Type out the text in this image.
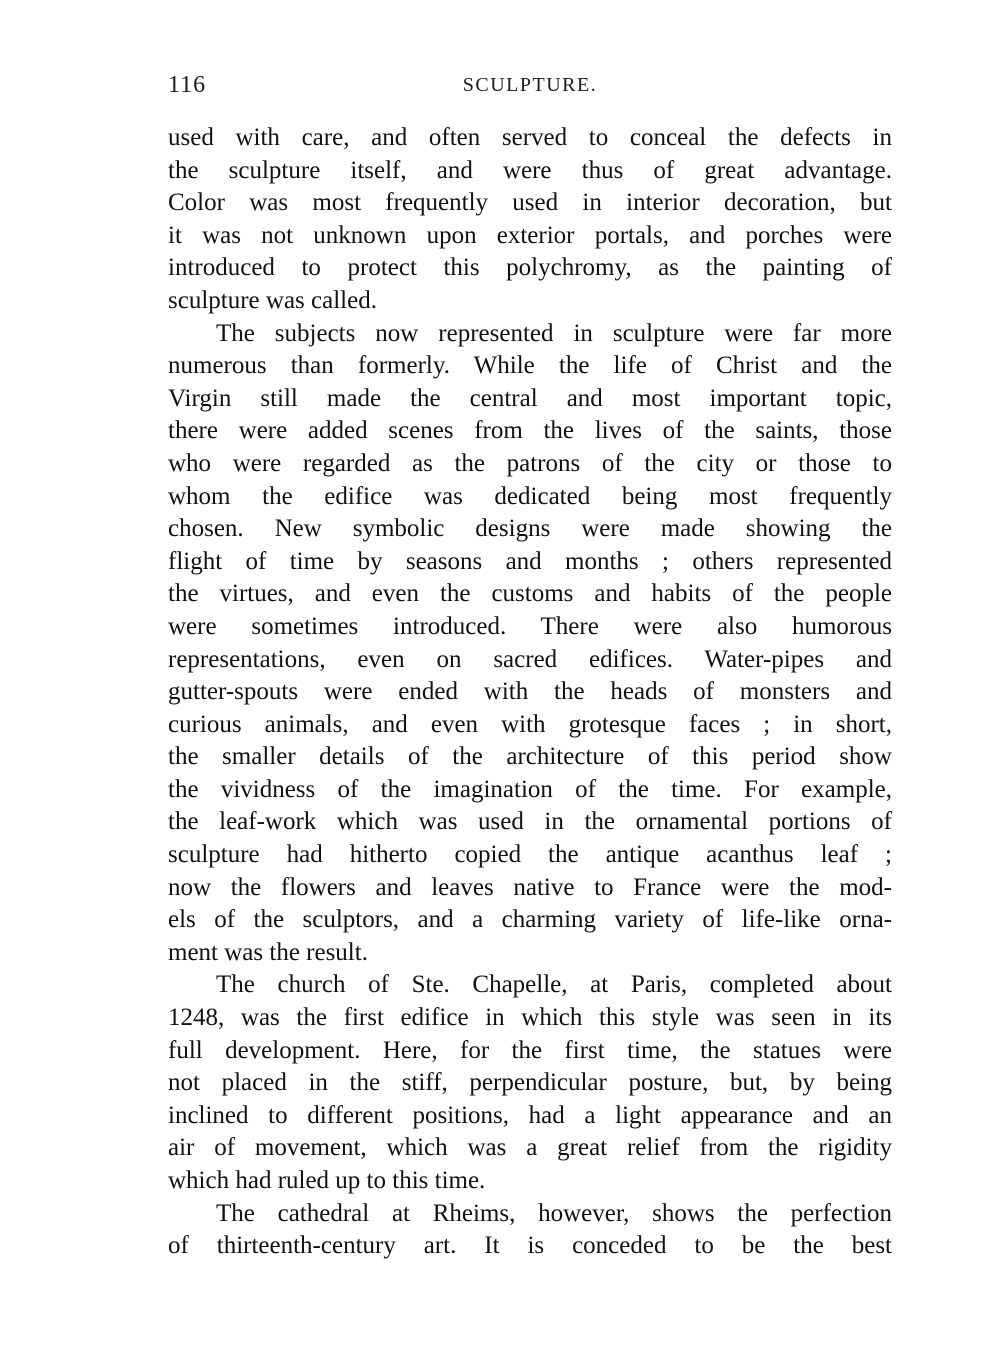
116	SCULPTURE.
used with care, and often served to conceal the defects in
the sculpture itself, and were thus of great advantage.
Color was most frequently used in interior decoration, but
it was not unknown upon exterior portals, and porches were
introduced to protect this polychromy, as the painting of
sculpture was called.
The subjects now represented in sculpture were far more
numerous than formerly. While the life of Christ and the
Virgin still made the central and most important topic,
there were added scenes from the lives of the saints, those
who were regarded as the patrons of the city or those to
whom the edifice was dedicated being most frequently
chosen. New symbolic designs were made showing the
flight of time by seasons and months ; others represented
the virtues, and even the customs and habits of the people
were sometimes introduced. There were also humorous
representations, even on sacred edifices. Water-pipes and
gutter-spouts were ended with the heads of monsters and
curious animals, and even with grotesque faces ; in short,
the smaller details of the architecture of this period show
the vividness of the imagination of the time. For example,
the leaf-work which was used in the ornamental portions of
sculpture had hitherto copied the antique acanthus leaf ;
now the flowers and leaves native to France were the mod-
els of the sculptors, and a charming variety of life-like orna-
ment was the result.
The church of Ste. Chapelle, at Paris, completed about
1248, was the first edifice in which this style was seen in its
full development. Here, for the first time, the statues were
not placed in the stiff, perpendicular posture, but, by being
inclined to different positions, had a light appearance and an
air of movement, which was a great relief from the rigidity
which had ruled up to this time.
The cathedral at Rheims, however, shows the perfection
of thirteenth-century art. It is conceded to be the best
